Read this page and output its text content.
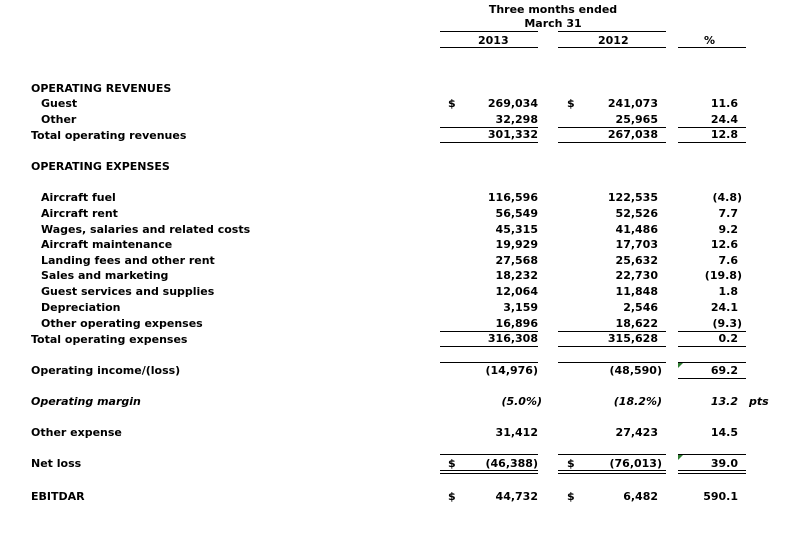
Three months ended
March 31
2013	2012	%
OPERATING REVENUES
Guest	$	269,034	$	241,073	11.6
Other	32,298	25,965	24.4
Total operating revenues	301,332	267,038	12.8
OPERATING EXPENSES
Aircraft fuel	116,596	122,535	(4.8)
Aircraft rent	56,549	52,526	7.7
Wages, salaries and related costs	45,315	41,486	9.2
Aircraft maintenance	19,929	17,703	12.6
Landing fees and other rent	27,568	25,632	7.6
Sales and marketing	18,232	22,730	(19.8)
Guest services and supplies	12,064	11,848	1.8
Depreciation	3,159	2,546	24.1
Other operating expenses	16,896	18,622	(9.3)
Total operating expenses	316,308	315,628	0.2
Operating income/(loss)	(14,976)	(48,590)	69.2
Operating margin	(5.0%)	(18.2%)	13.2 pts
Other expense	31,412	27,423	14.5
Net loss	$	(46,388)	$	(76,013)	39.0
EBITDAR	$	44,732	$	6,482	590.1
